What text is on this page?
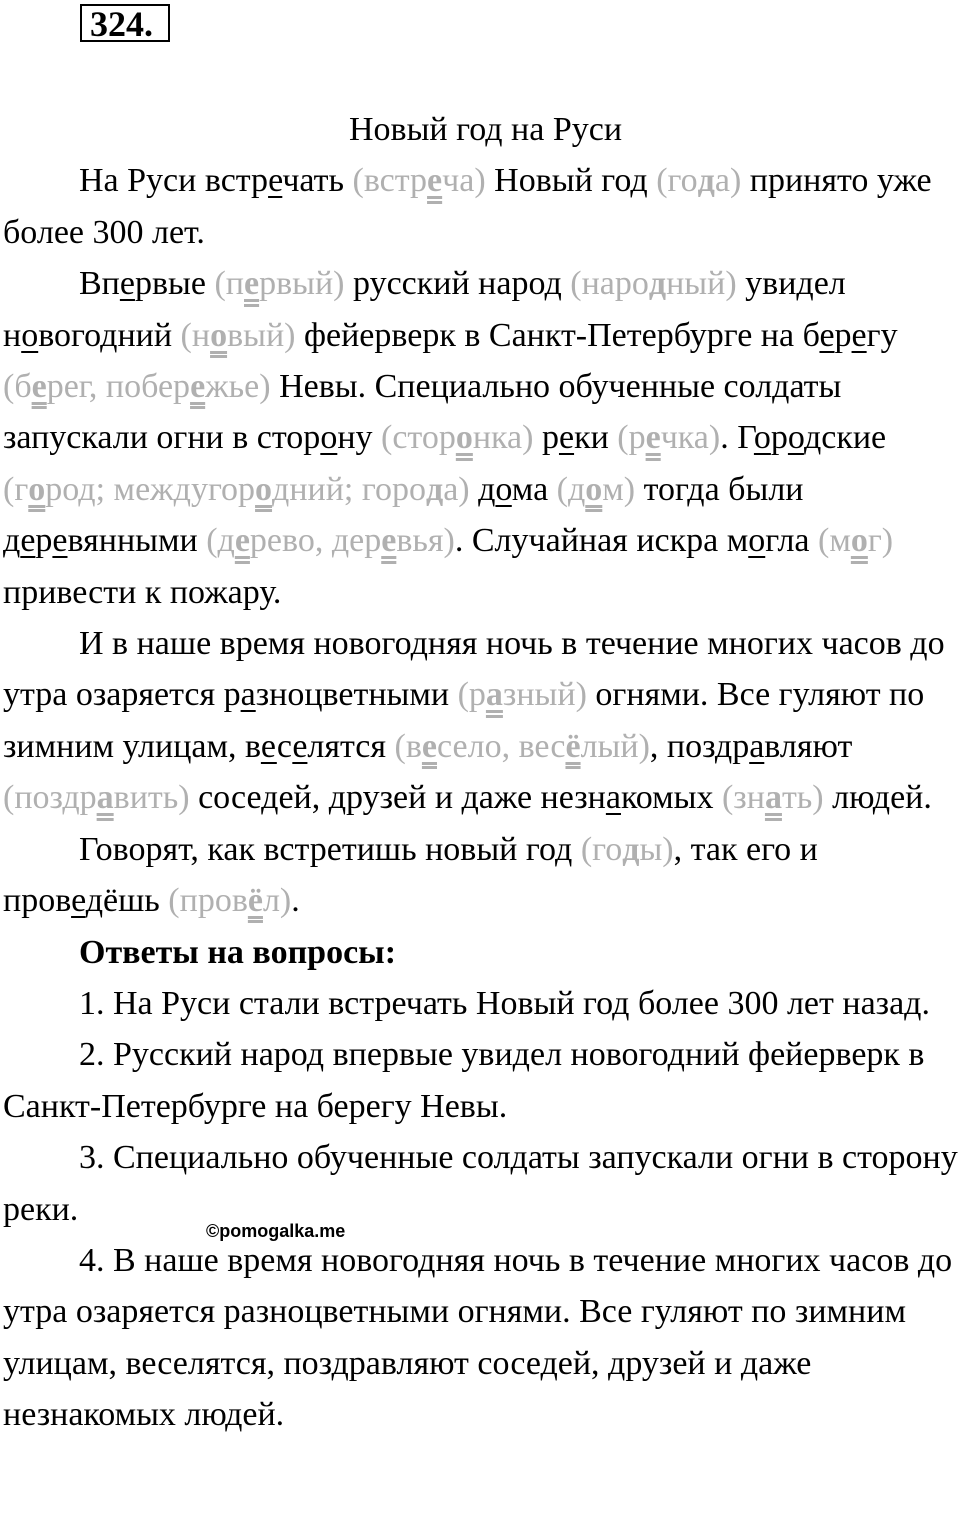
324.

Новый год на Руси

На Руси встречать (встреча) Новый год (года) принято уже более 300 лет.

Впервые (первый) русский народ (народный) увидел новогодний (новый) фейерверк в Санкт-Петербурге на берегу (берег, побережье) Невы. Специально обученные солдаты запускали огни в сторону (сторонка) реки (речка). Городские (город; междугородний; города) дома (дом) тогда были деревянными (дерево, деревья). Случайная искра могла (мог) привести к пожару.

И в наше время новогодняя ночь в течение многих часов до утра озаряется разноцветными (разный) огнями. Все гуляют по зимним улицам, веселятся (весело, весёлый), поздравляют (поздравить) соседей, друзей и даже незнакомых (знать) людей.

Говорят, как встретишь новый год (годы), так его и проведёшь (провёл).

Ответы на вопросы:

1. На Руси стали встречать Новый год более 300 лет назад.

2. Русский народ впервые увидел новогодний фейерверк в Санкт-Петербурге на берегу Невы.

3. Специально обученные солдаты запускали огни в сторону реки.

4. В наше время новогодняя ночь в течение многих часов до утра озаряется разноцветными огнями. Все гуляют по зимним улицам, веселятся, поздравляют соседей, друзей и даже незнакомых людей.

©pomogalka.me
